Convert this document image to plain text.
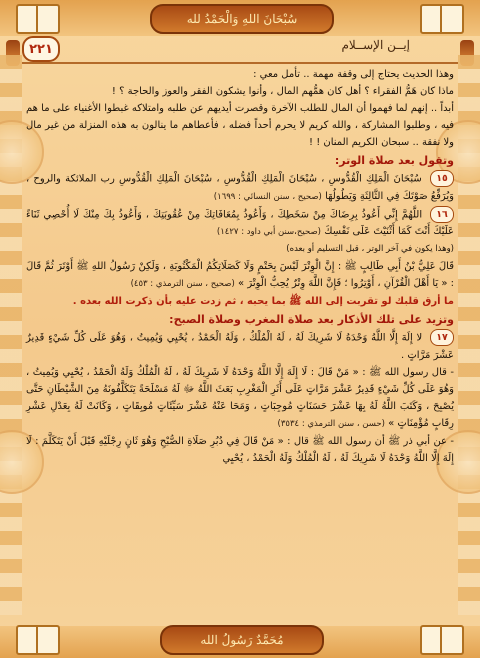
سُبْحَانَ اللهِ وَالْحَمْدُ لله
٢٢١	إيــن الإســلام

وهذا الحديث يحتاج إلى وقفة مهمة .. تأمل معي :

ماذا كان هَمُّ الفقراء ؟ أهل كان همُّهم المال ، وأنوا يشكون الفقر والعوز والحاجة ؟ !

أبداً .. إنهم لما فهموا أن المال للطلب الآخرة وقصرت أيديهم عن طلبه وامتلاكه غبطوا الأغنياء على ما هم فيه ، وطلبوا المشاركة ، والله كريم لا يحرم أحداً فضله ، فأعطاهم ما ينالون به هذه المنزلة من غير مال ولا نفقة .. سبحان الكريم المنان ! !

وتقول بعد صلاة الوتر:

١٥ سُبْحَانَ الْمَلِكِ الْقُدُّوسِ ، سُبْحَانَ الْمَلِكِ الْقُدُّوسِ ، سُبْحَانَ الْمَلِكِ الْقُدُّوسِ رب الملائكة والروح ، وَيُرَفِّعُ صَوْتَكَ فِي الثَّالِثَةِ وَيَطُولُهَا (صحيح ، سنن النسائي : ١٦٩٩)

١٦ اللَّهُمَّ إِنِّي أَعُوذُ بِرِضَاكَ مِنْ سَخَطِكَ ، وَأَعُوذُ بِمُعَافَاتِكَ مِنْ عُقُوبَتِكَ ، وَأَعُوذُ بِكَ مِنْكَ لَا أُحْصِي ثَنَاءً عَلَيْكَ أَنْتَ كَمَا أَثْنَيْتَ عَلَى نَفْسِكَ (صحيح،سنن أبي داود : ١٤٢٧)

(وهذا يكون في آخر الوتر ، قبل التسليم أو بعده)

قَالَ عَلِيُّ بْنُ أَبِي طَالِبٍ ﷺ : إِنَّ الْوِتْرَ لَيْسَ بِحَتْمٍ وَلَا كَصَلَاتِكُمُ الْمَكْتُوبَةِ ، وَلَكِنْ رَسُولُ اللهِ ﷺ أَوْتَرَ ثُمَّ قَالَ : « يَا أَهْلَ الْقُرْآنِ ، أَوْتِرُوا ؛ فَإِنَّ اللَّهَ وِتْرٌ يُحِبُّ الْوِتْرَ » (صحيح ، سنن الترمذي : ٤٥٣)

ما أرق قلبك لو تقربت إلى الله ﷺ بما يحبه ، ثم زدت عليه بأن ذكرت الله بعده .

وتزيد على تلك الأذكار بعد صلاة المغرب وصلاة الصبح:

١٧ لا إِلَهَ إِلَّا اللَّهُ وَحْدَهُ لَا شَرِيكَ لَهُ ، لَهُ الْمُلْكُ ، وَلَهُ الْحَمْدُ ، يُحْيِي وَيُمِيتُ ، وَهُوَ عَلَى كُلِّ شَيْءٍ قَدِيرٌ عَشْرَ مَرَّاتٍ .

- قال رسول الله ﷺ : « مَنْ قَالَ : لَا إِلَهَ إِلَّا اللَّهُ وَحْدَهُ لَا شَرِيكَ لَهُ ، لَهُ الْمُلْكُ وَلَهُ الْحَمْدُ ، يُحْيِي وَيُمِيتُ ، وَهُوَ عَلَى كُلِّ شَيْءٍ قَدِيرٌ عَشْرَ مَرَّاتٍ عَلَى أَثَرِ الْمَغْرِبِ بَعَثَ اللَّهُ ﷻ لَهُ مَسْلَحَةً يَتَكَلَّفُونَهُ مِنَ الشَّيْطَانِ حَتَّى يُصْبِحَ ، وَكَتَبَ اللَّهُ لَهُ بِهَا عَشْرَ حَسَنَاتٍ مُوجِبَاتٍ ، وَمَحَا عَنْهُ عَشْرَ سَيِّئَاتٍ مُوبِقَاتٍ ، وَكَانَتْ لَهُ بِعَدْلِ عَشْرِ رِقَابٍ مُؤْمِنَاتٍ » (حسن ، سنن الترمذي : ٣٥٣٤)

- عن أبي ذر ﷺ أن رسول الله ﷺ قال : « مَنْ قَالَ فِي دُبُرِ صَلَاةِ الصُّبْحِ وَهُوَ ثَانٍ رِجْلَيْهِ قَبْلَ أَنْ يَتَكَلَّمَ : لَا إِلَهَ إِلَّا اللَّهُ وَحْدَهُ لَا شَرِيكَ لَهُ ، لَهُ الْمُلْكُ وَلَهُ الْحَمْدُ ، يُحْيِي

مُحَمَّدٌ رَسُولُ الله
